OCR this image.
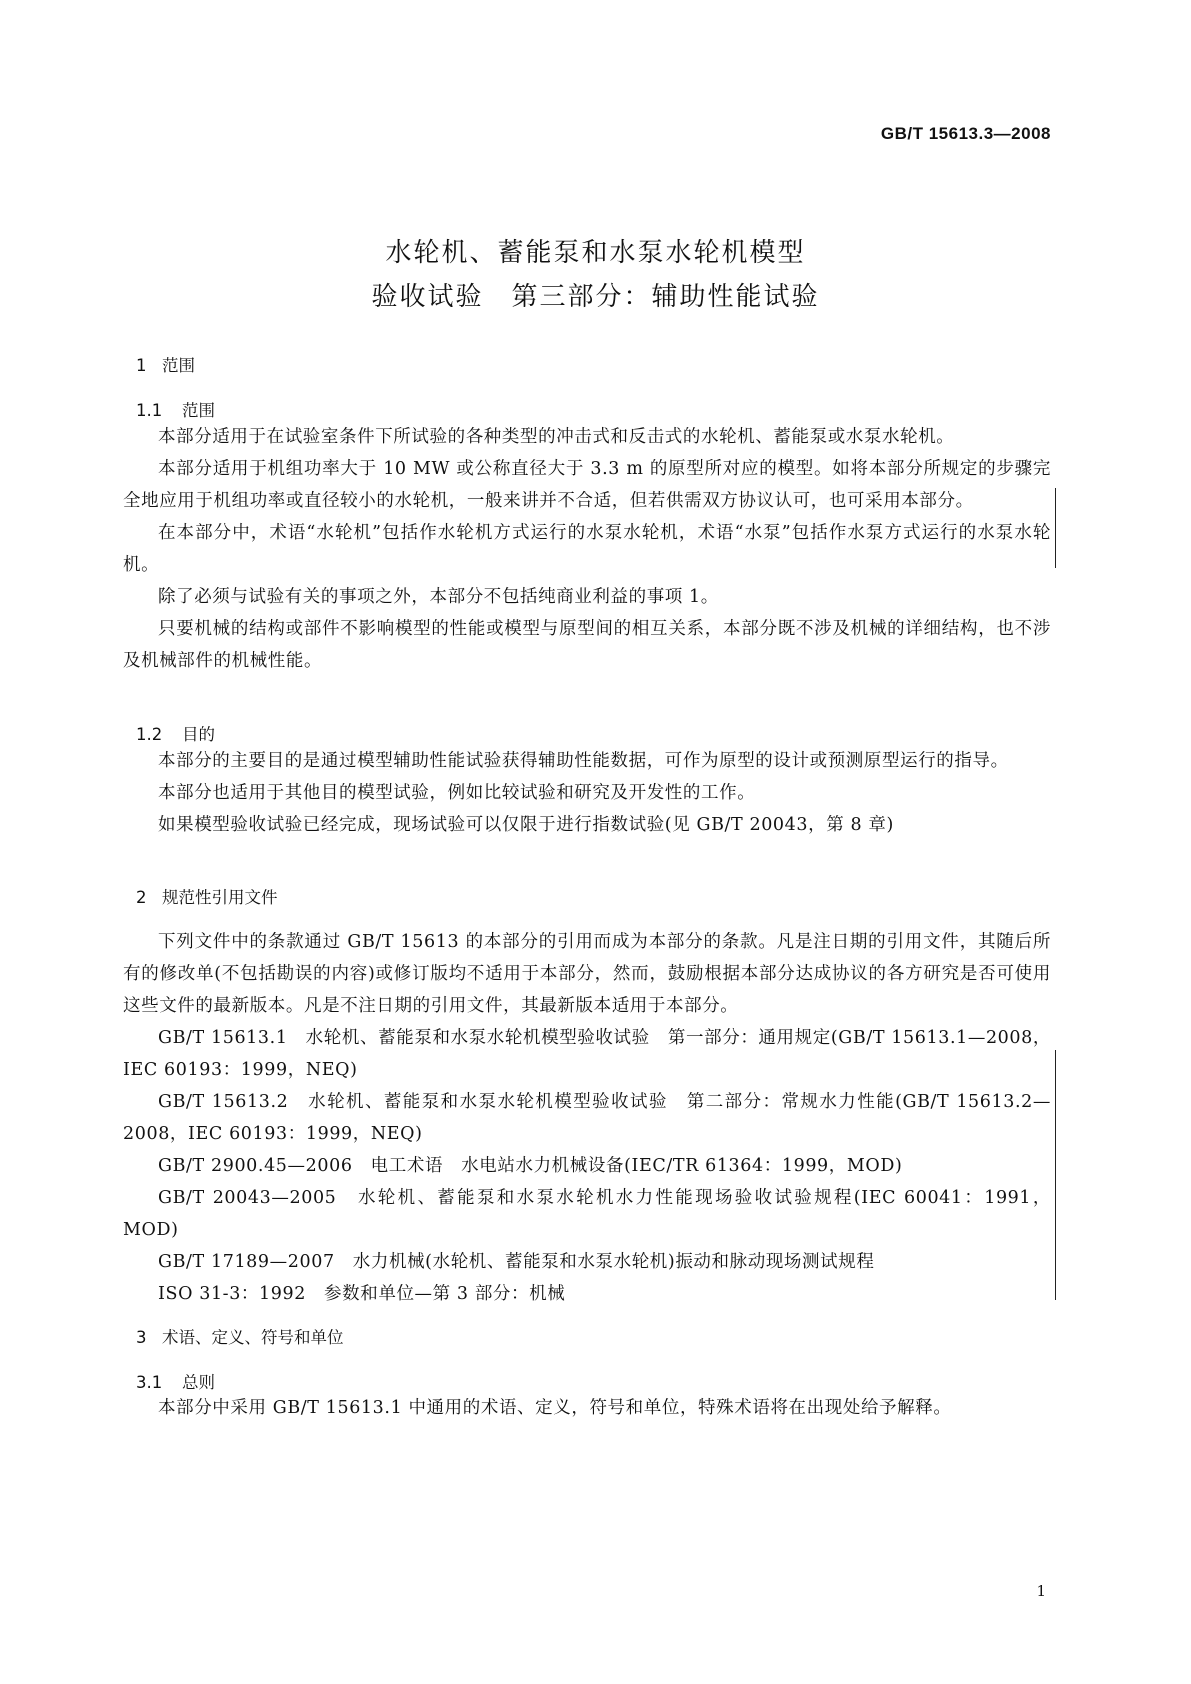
GB/T 15613.3—2008
水轮机、蓄能泵和水泵水轮机模型
验收试验　第三部分：辅助性能试验
1 范围
1.1 范围

本部分适用于在试验室条件下所试验的各种类型的冲击式和反击式的水轮机、蓄能泵或水泵水轮机。

本部分适用于机组功率大于 10 MW 或公称直径大于 3.3 m 的原型所对应的模型。如将本部分所规定的步骤完全地应用于机组功率或直径较小的水轮机，一般来讲并不合适，但若供需双方协议认可，也可采用本部分。

在本部分中，术语“水轮机”包括作水轮机方式运行的水泵水轮机，术语“水泵”包括作水泵方式运行的水泵水轮机。

除了必须与试验有关的事项之外，本部分不包括纯商业利益的事项 1。

只要机械的结构或部件不影响模型的性能或模型与原型间的相互关系，本部分既不涉及机械的详细结构，也不涉及机械部件的机械性能。

1.2 目的

本部分的主要目的是通过模型辅助性能试验获得辅助性能数据，可作为原型的设计或预测原型运行的指导。

本部分也适用于其他目的模型试验，例如比较试验和研究及开发性的工作。

如果模型验收试验已经完成，现场试验可以仅限于进行指数试验(见 GB/T 20043，第 8 章)

2 规范性引用文件

下列文件中的条款通过 GB/T 15613 的本部分的引用而成为本部分的条款。凡是注日期的引用文件，其随后所有的修改单(不包括勘误的内容)或修订版均不适用于本部分，然而，鼓励根据本部分达成协议的各方研究是否可使用这些文件的最新版本。凡是不注日期的引用文件，其最新版本适用于本部分。

GB/T 15613.1　水轮机、蓄能泵和水泵水轮机模型验收试验　第一部分：通用规定(GB/T 15613.1—2008，IEC 60193：1999，NEQ)

GB/T 15613.2　水轮机、蓄能泵和水泵水轮机模型验收试验　第二部分：常规水力性能(GB/T 15613.2—2008，IEC 60193：1999，NEQ)

GB/T 2900.45—2006　电工术语　水电站水力机械设备(IEC/TR 61364：1999，MOD)

GB/T 20043—2005　水轮机、蓄能泵和水泵水轮机水力性能现场验收试验规程(IEC 60041：1991，MOD)

GB/T 17189—2007　水力机械(水轮机、蓄能泵和水泵水轮机)振动和脉动现场测试规程

ISO 31-3：1992　参数和单位—第 3 部分：机械

3 术语、定义、符号和单位
3.1 总则

本部分中采用 GB/T 15613.1 中通用的术语、定义，符号和单位，特殊术语将在出现处给予解释。

1
